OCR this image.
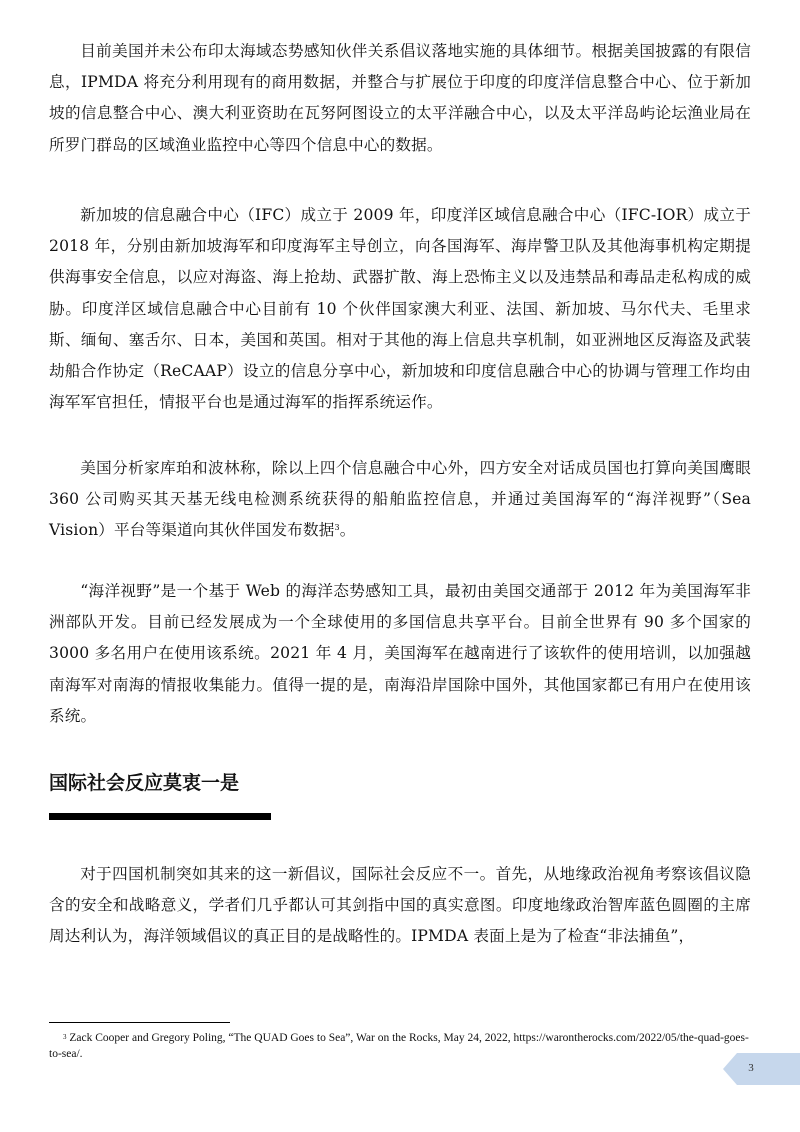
目前美国并未公布印太海域态势感知伙伴关系倡议落地实施的具体细节。根据美国披露的有限信息，IPMDA 将充分利用现有的商用数据，并整合与扩展位于印度的印度洋信息整合中心、位于新加坡的信息整合中心、澳大利亚资助在瓦努阿图设立的太平洋融合中心，以及太平洋岛屿论坛渔业局在所罗门群岛的区域渔业监控中心等四个信息中心的数据。

新加坡的信息融合中心（IFC）成立于 2009 年，印度洋区域信息融合中心（IFC-IOR）成立于 2018 年，分别由新加坡海军和印度海军主导创立，向各国海军、海岸警卫队及其他海事机构定期提供海事安全信息，以应对海盗、海上抢劫、武器扩散、海上恐怖主义以及违禁品和毒品走私构成的威胁。印度洋区域信息融合中心目前有 10 个伙伴国家澳大利亚、法国、新加坡、马尔代夫、毛里求斯、缅甸、塞舌尔、日本，美国和英国。相对于其他的海上信息共享机制，如亚洲地区反海盗及武装劫船合作协定（ReCAAP）设立的信息分享中心，新加坡和印度信息融合中心的协调与管理工作均由海军军官担任，情报平台也是通过海军的指挥系统运作。

美国分析家库珀和波林称，除以上四个信息融合中心外，四方安全对话成员国也打算向美国鹰眼 360 公司购买其天基无线电检测系统获得的船舶监控信息，并通过美国海军的“海洋视野”（Sea Vision）平台等渠道向其伙伴国发布数据$^3$。

“海洋视野”是一个基于 Web 的海洋态势感知工具，最初由美国交通部于 2012 年为美国海军非洲部队开发。目前已经发展成为一个全球使用的多国信息共享平台。目前全世界有 90 多个国家的 3000 多名用户在使用该系统。2021 年 4 月，美国海军在越南进行了该软件的使用培训，以加强越南海军对南海的情报收集能力。值得一提的是，南海沿岸国除中国外，其他国家都已有用户在使用该系统。

国际社会反应莫衷一是

对于四国机制突如其来的这一新倡议，国际社会反应不一。首先，从地缘政治视角考察该倡议隐含的安全和战略意义，学者们几乎都认可其剑指中国的真实意图。印度地缘政治智库蓝色圆圈的主席周达利认为，海洋领域倡议的真正目的是战略性的。IPMDA 表面上是为了检查“非法捕鱼”，

$^3$ Zack Cooper and Gregory Poling, “The QUAD Goes to Sea”, War on the Rocks, May 24, 2022, https://warontherocks.com/2022/05/the-quad-goes-to-sea/.

3
